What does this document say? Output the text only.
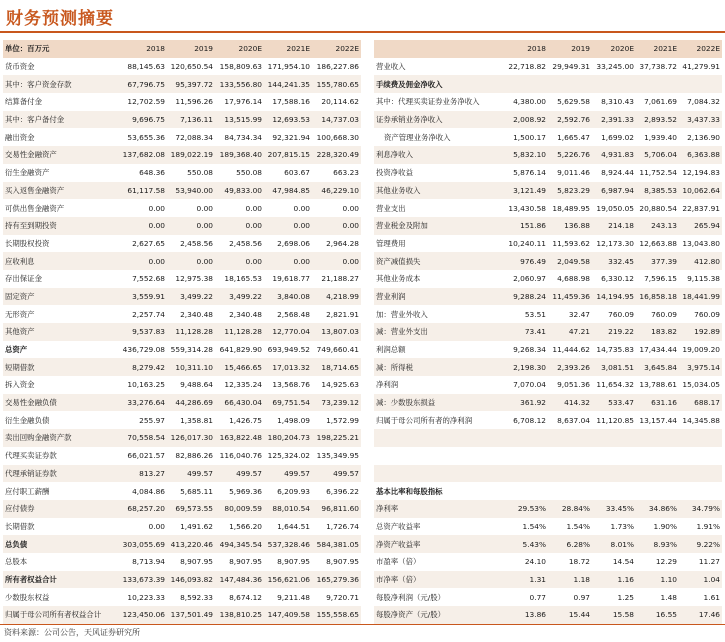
财务预测摘要
单位：百万元	2018	2019	2020E	2021E	2022E
货币资金	88,145.63	120,650.54	158,809.63	171,954.10	186,227.86
其中：客户资金存款	67,796.75	95,397.72	133,556.80	144,241.35	155,780.65
结算备付金	12,702.59	11,596.26	17,976.14	17,588.16	20,114.62
其中：客户备付金	9,696.75	7,136.11	13,515.99	12,693.53	14,737.03
融出资金	53,655.36	72,088.34	84,734.34	92,321.94	100,668.30
交易性金融资产	137,682.08	189,022.19	189,368.40	207,815.15	228,320.49
衍生金融资产	648.36	550.08	550.08	603.67	663.23
买入返售金融资产	61,117.58	53,940.00	49,833.00	47,984.85	46,229.10
可供出售金融资产	0.00	0.00	0.00	0.00	0.00
持有至到期投资	0.00	0.00	0.00	0.00	0.00
长期股权投资	2,627.65	2,458.56	2,458.56	2,698.06	2,964.28
应收利息	0.00	0.00	0.00	0.00	0.00
存出保证金	7,552.68	12,975.38	18,165.53	19,618.77	21,188.27
固定资产	3,559.91	3,499.22	3,499.22	3,840.08	4,218.99
无形资产	2,257.74	2,340.48	2,340.48	2,568.48	2,821.91
其他资产	9,537.83	11,128.28	11,128.28	12,770.04	13,807.03
总资产	436,729.08	559,314.28	641,829.90	693,949.52	749,660.41
短期借款	8,279.42	10,311.10	15,466.65	17,013.32	18,714.65
拆入资金	10,163.25	9,488.64	12,335.24	13,568.76	14,925.63
交易性金融负债	33,276.64	44,286.69	66,430.04	69,751.54	73,239.12
衍生金融负债	255.97	1,358.81	1,426.75	1,498.09	1,572.99
卖出回购金融资产款	70,558.54	126,017.30	163,822.48	180,204.73	198,225.21
代理买卖证券款	66,021.57	82,886.26	116,040.76	125,324.02	135,349.95
代理承销证券款	813.27	499.57	499.57	499.57	499.57
应付职工薪酬	4,084.86	5,685.11	5,969.36	6,209.93	6,396.22
应付债券	68,257.20	69,573.55	80,009.59	88,010.54	96,811.60
长期借款	0.00	1,491.62	1,566.20	1,644.51	1,726.74
总负债	303,055.69	413,220.46	494,345.54	537,328.46	584,381.05
总股本	8,713.94	8,907.95	8,907.95	8,907.95	8,907.95
所有者权益合计	133,673.39	146,093.82	147,484.36	156,621.06	165,279.36
少数股东权益	10,223.33	8,592.33	8,674.12	9,211.48	9,720.71
归属于母公司所有者权益合计	123,450.06	137,501.49	138,810.25	147,409.58	155,558.65
	2018	2019	2020E	2021E	2022E
营业收入	22,718.82	29,949.31	33,245.00	37,738.72	41,279.91
手续费及佣金净收入					
其中：代理买卖证券业务净收入	4,380.00	5,629.58	8,310.43	7,061.69	7,084.32
证券承销业务净收入	2,008.92	2,592.76	2,391.33	2,893.52	3,437.33
资产管理业务净收入	1,500.17	1,665.47	1,699.02	1,939.40	2,136.90
利息净收入	5,832.10	5,226.76	4,931.83	5,706.04	6,363.88
投资净收益	5,876.14	9,011.46	8,924.44	11,752.54	12,194.83
其他业务收入	3,121.49	5,823.29	6,987.94	8,385.53	10,062.64
营业支出	13,430.58	18,489.95	19,050.05	20,880.54	22,837.91
营业税金及附加	151.86	136.88	214.18	243.13	265.94
管理费用	10,240.11	11,593.62	12,173.30	12,663.88	13,043.80
资产减值损失	976.49	2,049.58	332.45	377.39	412.80
其他业务成本	2,060.97	4,688.98	6,330.12	7,596.15	9,115.38
营业利润	9,288.24	11,459.36	14,194.95	16,858.18	18,441.99
加：营业外收入	53.51	32.47	760.09	760.09	760.09
减：营业外支出	73.41	47.21	219.22	183.82	192.89
利润总额	9,268.34	11,444.62	14,735.83	17,434.44	19,009.20
减：所得税	2,198.30	2,393.26	3,081.51	3,645.84	3,975.14
净利润	7,070.04	9,051.36	11,654.32	13,788.61	15,034.05
减：少数股东损益	361.92	414.32	533.47	631.16	688.17
归属于母公司所有者的净利润	6,708.12	8,637.04	11,120.85	13,157.44	14,345.88

基本比率和每股指标					
净利率	29.53%	28.84%	33.45%	34.86%	34.79%
总资产收益率	1.54%	1.54%	1.73%	1.90%	1.91%
净资产收益率	5.43%	6.28%	8.01%	8.93%	9.22%
市盈率（倍）	24.10	18.72	14.54	12.29	11.27
市净率（倍）	1.31	1.18	1.16	1.10	1.04
每股净利润（元/股）	0.77	0.97	1.25	1.48	1.61
每股净资产（元/股）	13.86	15.44	15.58	16.55	17.46
资料来源：公司公告，天风证券研究所
